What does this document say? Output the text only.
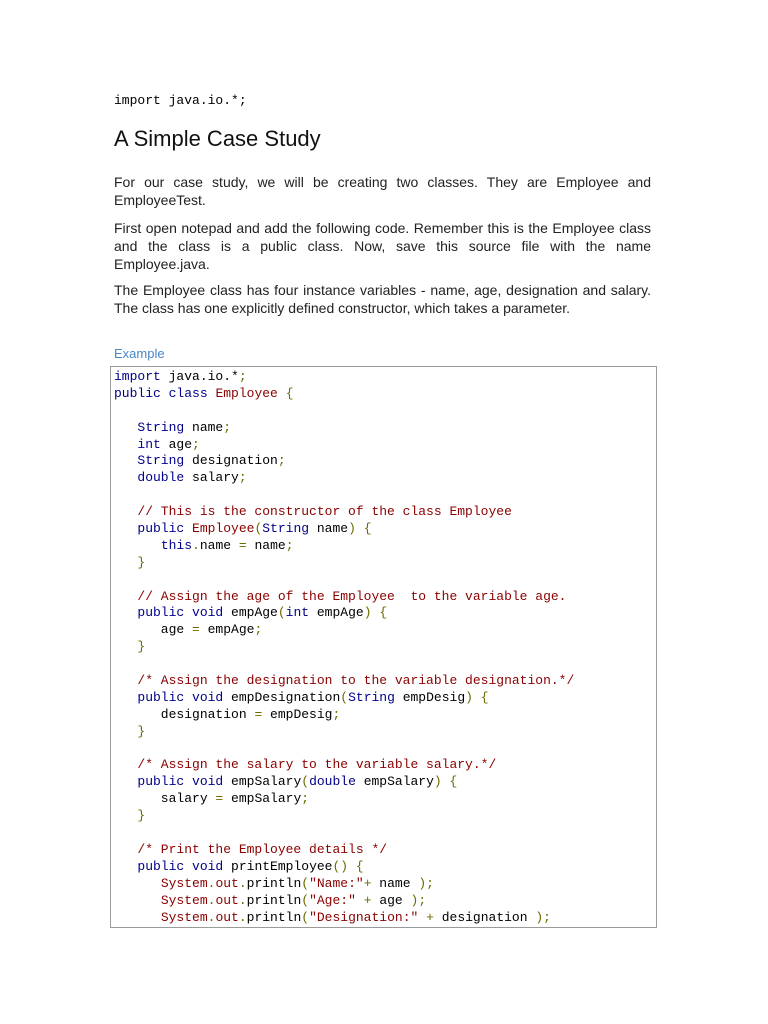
import java.io.*;
A Simple Case Study

For our case study, we will be creating two classes. They are Employee and EmployeeTest.

First open notepad and add the following code. Remember this is the Employee class and the class is a public class. Now, save this source file with the name Employee.java.

The Employee class has four instance variables - name, age, designation and salary. The class has one explicitly defined constructor, which takes a parameter.

Example
import java.io.*;
public class Employee {

String name;
int age;
String designation;
double salary;

// This is the constructor of the class Employee
public Employee(String name) {
this.name = name;
}

// Assign the age of the Employee  to the variable age.
public void empAge(int empAge) {
age = empAge;
}

/* Assign the designation to the variable designation.*/
public void empDesignation(String empDesig) {
designation = empDesig;
}

/* Assign the salary to the variable salary.*/
public void empSalary(double empSalary) {
salary = empSalary;
}

/* Print the Employee details */
public void printEmployee() {
System.out.println("Name:"+ name );
System.out.println("Age:" + age );
System.out.println("Designation:" + designation );
